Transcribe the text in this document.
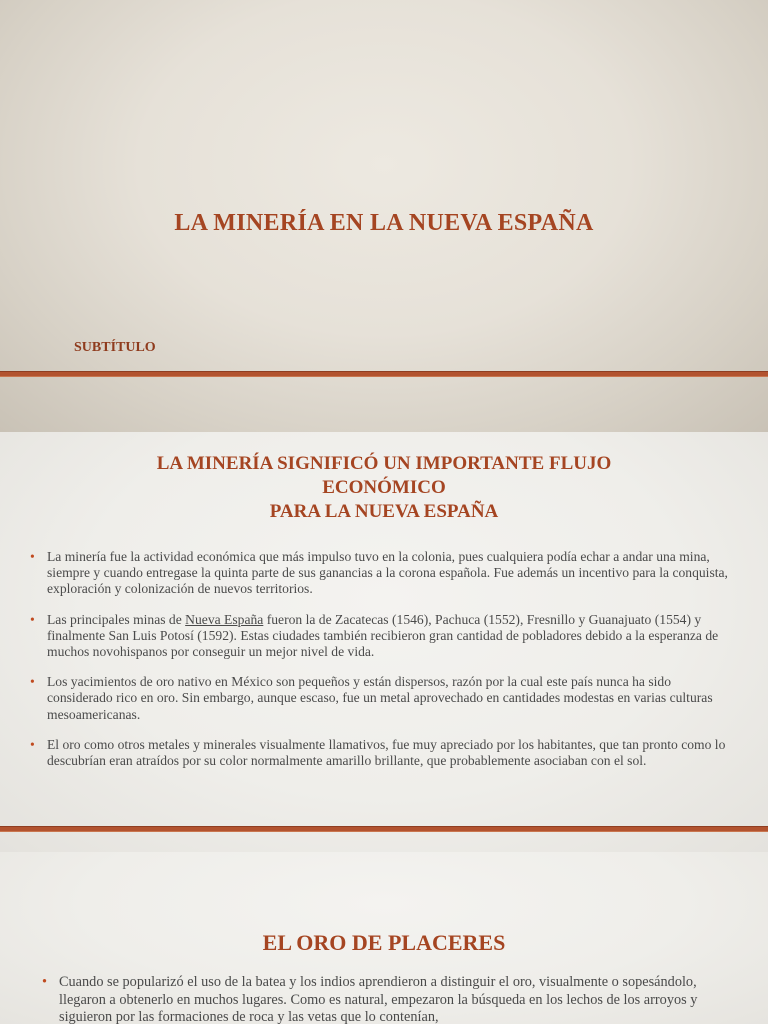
LA MINERÍA EN LA NUEVA ESPAÑA
SUBTÍTULO
LA MINERÍA SIGNIFICÓ UN IMPORTANTE FLUJO
ECONÓMICO
PARA LA NUEVA ESPAÑA
• La minería fue la actividad económica que más impulso tuvo en la colonia, pues cualquiera podía echar a andar una mina, siempre y cuando entregase la quinta parte de sus ganancias a la corona española. Fue además un incentivo para la conquista, exploración y colonización de nuevos territorios.
• Las principales minas de Nueva España fueron la de Zacatecas (1546), Pachuca (1552), Fresnillo y Guanajuato (1554) y finalmente San Luis Potosí (1592). Estas ciudades también recibieron gran cantidad de pobladores debido a la esperanza de muchos novohispanos por conseguir un mejor nivel de vida.
• Los yacimientos de oro nativo en México son pequeños y están dispersos, razón por la cual este país nunca ha sido considerado rico en oro. Sin embargo, aunque escaso, fue un metal aprovechado en cantidades modestas en varias culturas mesoamericanas.
• El oro como otros metales y minerales visualmente llamativos, fue muy apreciado por los habitantes, que tan pronto como lo descubrían eran atraídos por su color normalmente amarillo brillante, que probablemente asociaban con el sol.
EL ORO DE PLACERES
• Cuando se popularizó el uso de la batea y los indios aprendieron a distinguir el oro, visualmente o sopesándolo, llegaron a obtenerlo en muchos lugares. Como es natural, empezaron la búsqueda en los lechos de los arroyos y siguieron por las formaciones de roca y las vetas que lo contenían,
